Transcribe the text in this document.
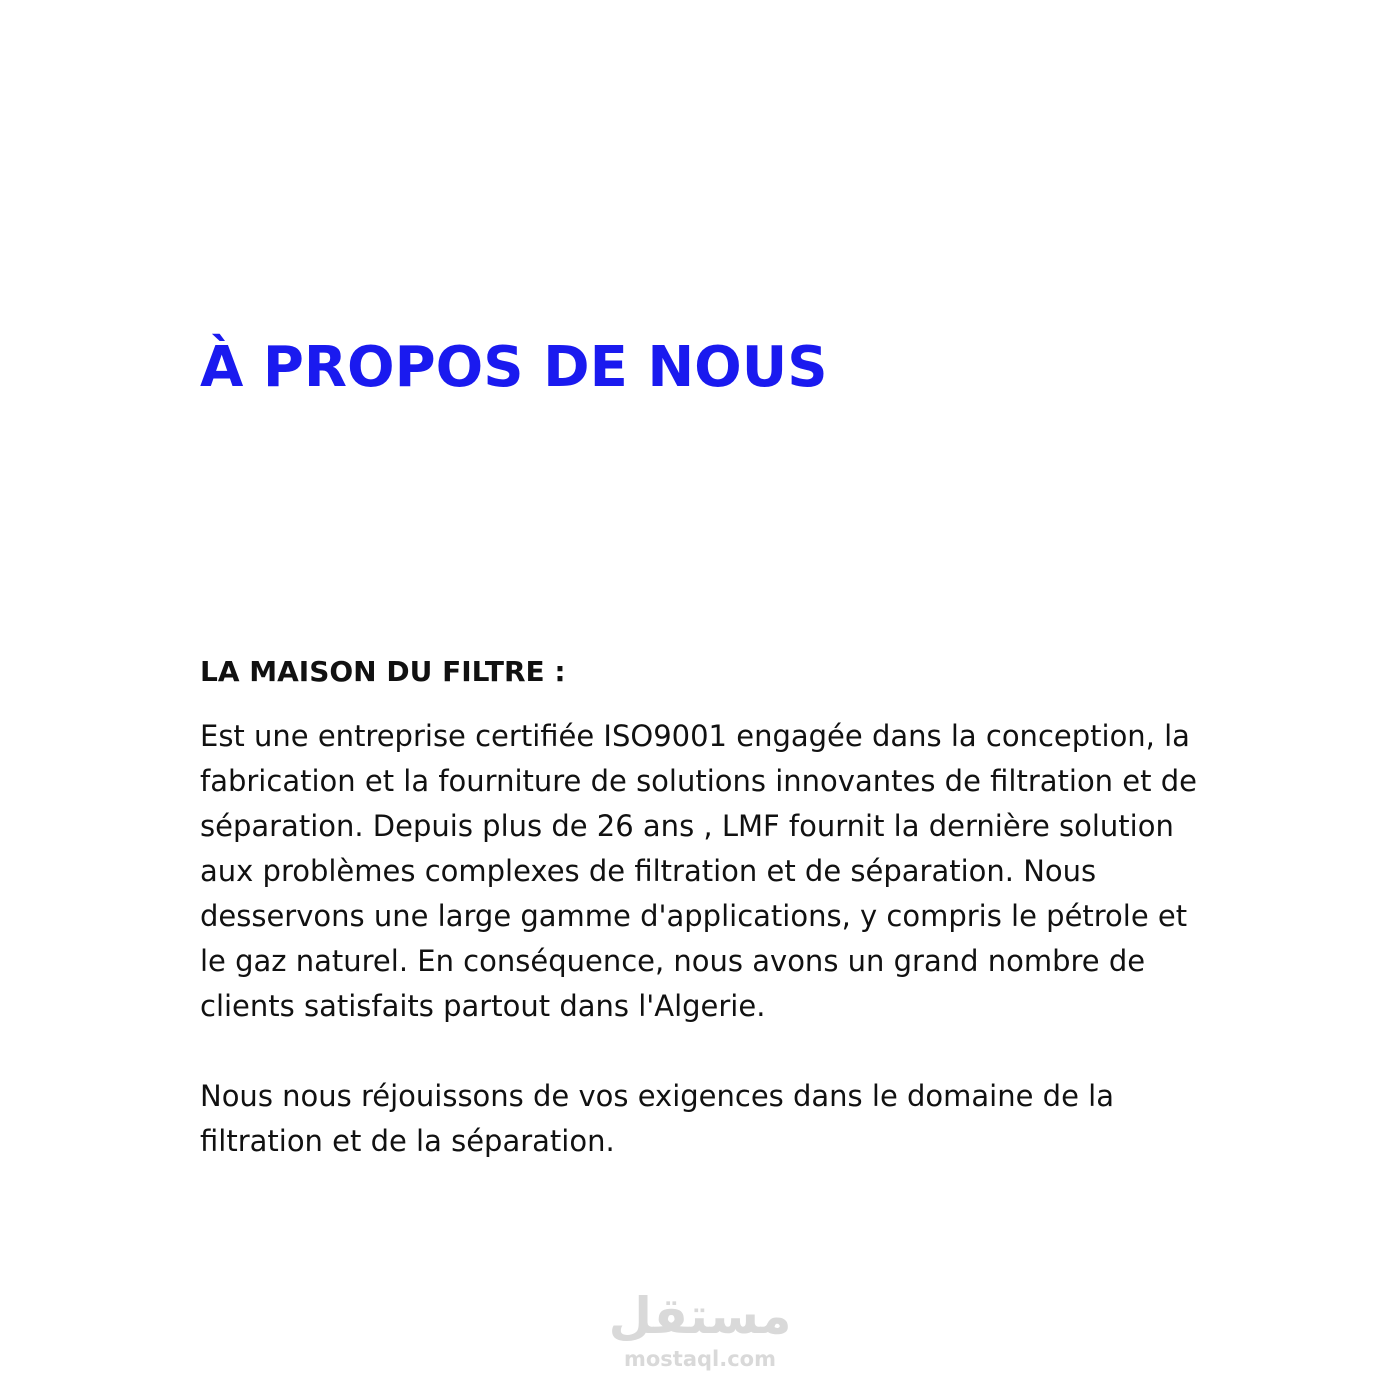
À PROPOS DE NOUS
LA MAISON DU FILTRE :

Est une entreprise certifiée ISO9001 engagée dans la conception, la fabrication et la fourniture de solutions innovantes de filtration et de séparation. Depuis plus de 26 ans , LMF fournit la dernière solution aux problèmes complexes de filtration et de séparation. Nous desservons une large gamme d'applications, y compris le pétrole et le gaz naturel. En conséquence, nous avons un grand nombre de clients satisfaits partout dans l'Algerie.

Nous nous réjouissons de vos exigences dans le domaine de la filtration et de la séparation.

مستقل
mostaql.com
